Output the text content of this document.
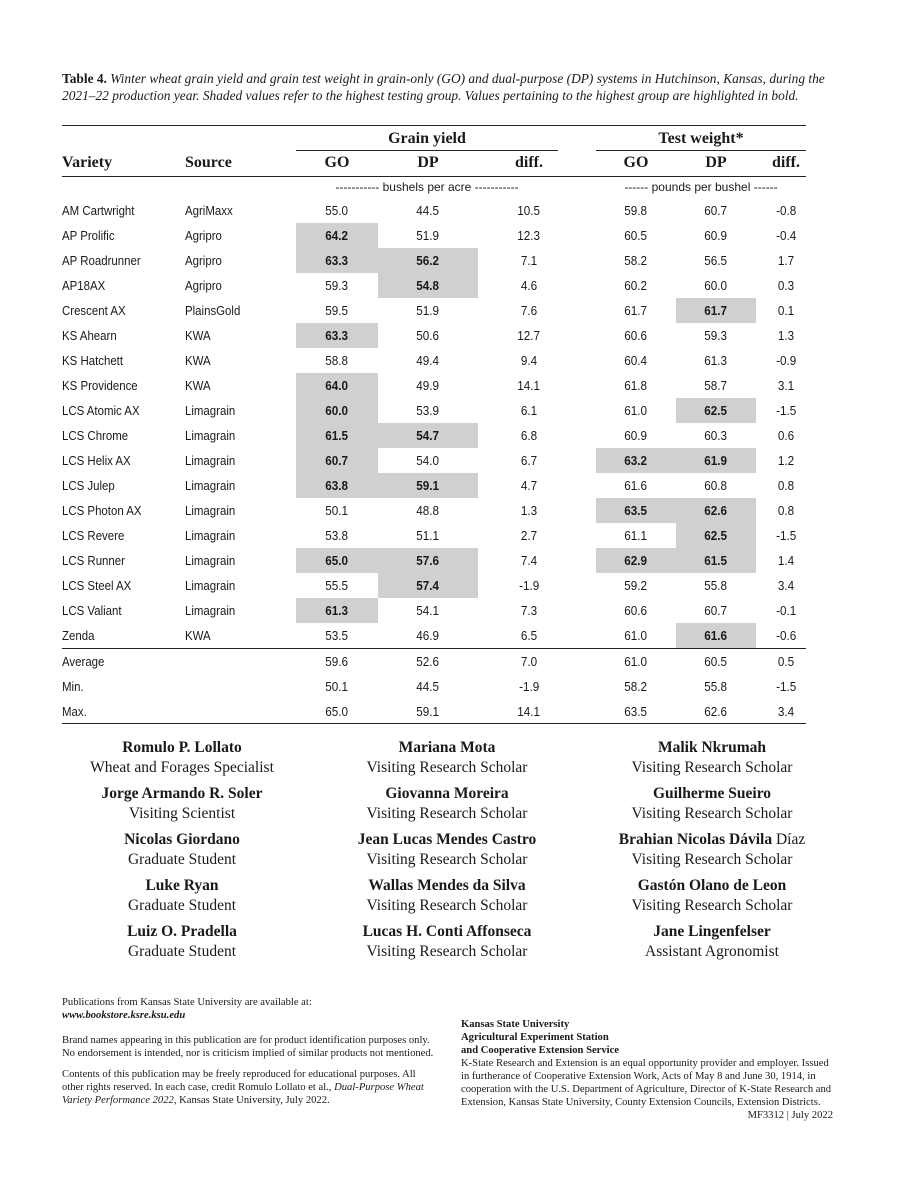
Table 4. Winter wheat grain yield and grain test weight in grain-only (GO) and dual-purpose (DP) systems in Hutchinson, Kansas, during the 2021–22 production year. Shaded values refer to the highest testing group. Values pertaining to the highest group are highlighted in bold.
Grain yield	Test weight*
Variety	Source	GO	DP	diff.	GO	DP	diff.
----------- bushels per acre -----------	------ pounds per bushel ------
AM Cartwright	AgriMaxx	55.0	44.5	10.5	59.8	60.7	-0.8
AP Prolific	Agripro	64.2	51.9	12.3	60.5	60.9	-0.4
AP Roadrunner	Agripro	63.3	56.2	7.1	58.2	56.5	1.7
AP18AX	Agripro	59.3	54.8	4.6	60.2	60.0	0.3
Crescent AX	PlainsGold	59.5	51.9	7.6	61.7	61.7	0.1
KS Ahearn	KWA	63.3	50.6	12.7	60.6	59.3	1.3
KS Hatchett	KWA	58.8	49.4	9.4	60.4	61.3	-0.9
KS Providence	KWA	64.0	49.9	14.1	61.8	58.7	3.1
LCS Atomic AX	Limagrain	60.0	53.9	6.1	61.0	62.5	-1.5
LCS Chrome	Limagrain	61.5	54.7	6.8	60.9	60.3	0.6
LCS Helix AX	Limagrain	60.7	54.0	6.7	63.2	61.9	1.2
LCS Julep	Limagrain	63.8	59.1	4.7	61.6	60.8	0.8
LCS Photon AX	Limagrain	50.1	48.8	1.3	63.5	62.6	0.8
LCS Revere	Limagrain	53.8	51.1	2.7	61.1	62.5	-1.5
LCS Runner	Limagrain	65.0	57.6	7.4	62.9	61.5	1.4
LCS Steel AX	Limagrain	55.5	57.4	-1.9	59.2	55.8	3.4
LCS Valiant	Limagrain	61.3	54.1	7.3	60.6	60.7	-0.1
Zenda	KWA	53.5	46.9	6.5	61.0	61.6	-0.6
Average	59.6	52.6	7.0	61.0	60.5	0.5
Min.	50.1	44.5	-1.9	58.2	55.8	-1.5
Max.	65.0	59.1	14.1	63.5	62.6	3.4
Romulo P. Lollato
Wheat and Forages Specialist
Jorge Armando R. Soler
Visiting Scientist
Nicolas Giordano
Graduate Student
Luke Ryan
Graduate Student
Luiz O. Pradella
Graduate Student
Mariana Mota
Visiting Research Scholar
Giovanna Moreira
Visiting Research Scholar
Jean Lucas Mendes Castro
Visiting Research Scholar
Wallas Mendes da Silva
Visiting Research Scholar
Lucas H. Conti Affonseca
Visiting Research Scholar
Malik Nkrumah
Visiting Research Scholar
Guilherme Sueiro
Visiting Research Scholar
Brahian Nicolas Dávila Díaz
Visiting Research Scholar
Gastón Olano de Leon
Visiting Research Scholar
Jane Lingenfelser
Assistant Agronomist

Publications from Kansas State University are available at:
www.bookstore.ksre.ksu.edu

Brand names appearing in this publication are for product identification purposes only. No endorsement is intended, nor is criticism implied of similar products not mentioned.

Contents of this publication may be freely reproduced for educational purposes. All other rights reserved. In each case, credit Romulo Lollato et al., Dual-Purpose Wheat Variety Performance 2022, Kansas State University, July 2022.

Kansas State University
Agricultural Experiment Station
and Cooperative Extension Service
K-State Research and Extension is an equal opportunity provider and employer. Issued in furtherance of Cooperative Extension Work, Acts of May 8 and June 30, 1914, in cooperation with the U.S. Department of Agriculture, Director of K-State Research and Extension, Kansas State University, County Extension Councils, Extension Districts.
MF3312 | July 2022
